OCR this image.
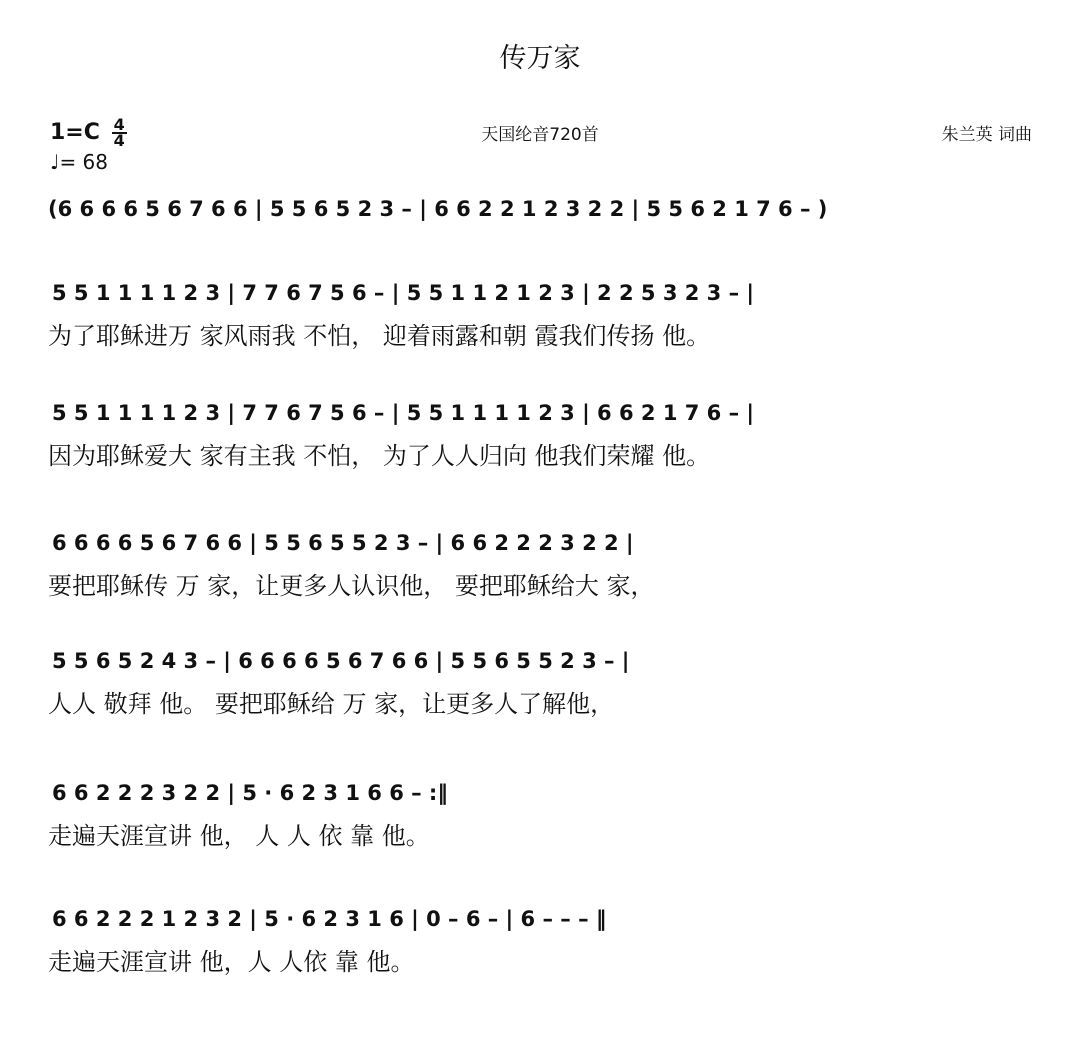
传万家
$1=C \frac{4}{4}$
♩= 68
天国纶音720首	朱兰英 词曲
(6 6 6 6 5 6 7 6 6 | 5 5 6 5 2 3 – | 6 6 2 2 1 2 3 2 2 | 5 5 6 2 1 7 6 – )
5 5 1 1 1 1 2 3 | 7 7 6 7 5 6 – | 5 5 1 1 2 1 2 3 | 2 2 5 3 2 3 – |
为了耶稣进万 家风雨我 不怕， 迎着雨露和朝 霞我们传扬 他。
5 5 1 1 1 1 2 3 | 7 7 6 7 5 6 – | 5 5 1 1 1 1 2 3 | 6 6 2 1 7 6 – |
因为耶稣爱大 家有主我 不怕， 为了人人归向 他我们荣耀 他。
6 6 6 6 5 6 7 6 6 | 5 5 6 5 5 2 3 – | 6 6 2 2 2 3 2 2 |
要把耶稣传 万 家，让更多人认识他， 要把耶稣给大 家，
5 5 6 5 2 4 3 – | 6 6 6 6 5 6 7 6 6 | 5 5 6 5 5 2 3 – |
人人 敬拜 他。 要把耶稣给 万 家，让更多人了解他，
6 6 2 2 2 3 2 2 | 5 · 6 2 3 1 6 6 – :‖
走遍天涯宣讲 他， 人 人 依 靠 他。
6 6 2 2 2 1 2 3 2 | 5 · 6 2 3 1 6 | 0 – 6 – | 6 – – – ‖
走遍天涯宣讲 他，人 人依 靠 他。
